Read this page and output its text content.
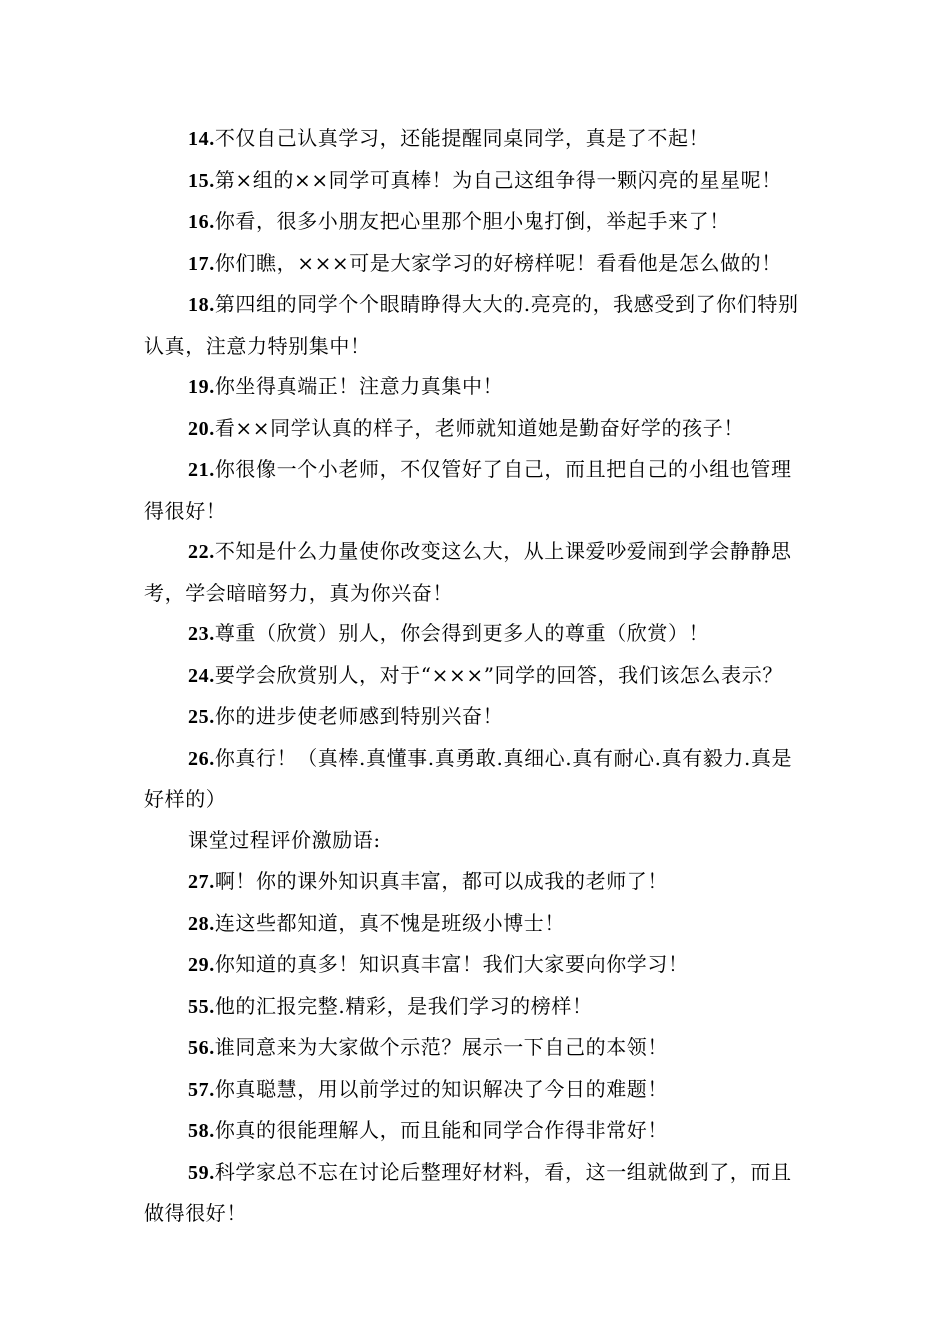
14.不仅自己认真学习，还能提醒同桌同学，真是了不起！

15.第×组的××同学可真棒！为自己这组争得一颗闪亮的星星呢！

16.你看，很多小朋友把心里那个胆小鬼打倒，举起手来了！

17.你们瞧，×××可是大家学习的好榜样呢！看看他是怎么做的！

18.第四组的同学个个眼睛睁得大大的.亮亮的，我感受到了你们特别认真，注意力特别集中！

19.你坐得真端正！注意力真集中！

20.看××同学认真的样子，老师就知道她是勤奋好学的孩子！

21.你很像一个小老师，不仅管好了自己，而且把自己的小组也管理得很好！

22.不知是什么力量使你改变这么大，从上课爱吵爱闹到学会静静思考，学会暗暗努力，真为你兴奋！

23.尊重（欣赏）别人，你会得到更多人的尊重（欣赏）！

24.要学会欣赏别人，对于“×××”同学的回答，我们该怎么表示？

25.你的进步使老师感到特别兴奋！

26.你真行！（真棒.真懂事.真勇敢.真细心.真有耐心.真有毅力.真是好样的）

课堂过程评价激励语:

27.啊！你的课外知识真丰富，都可以成我的老师了！

28.连这些都知道，真不愧是班级小博士！

29.你知道的真多！知识真丰富！我们大家要向你学习！

55.他的汇报完整.精彩，是我们学习的榜样！

56.谁同意来为大家做个示范？展示一下自己的本领！

57.你真聪慧，用以前学过的知识解决了今日的难题！

58.你真的很能理解人，而且能和同学合作得非常好！

59.科学家总不忘在讨论后整理好材料，看，这一组就做到了，而且做得很好！
